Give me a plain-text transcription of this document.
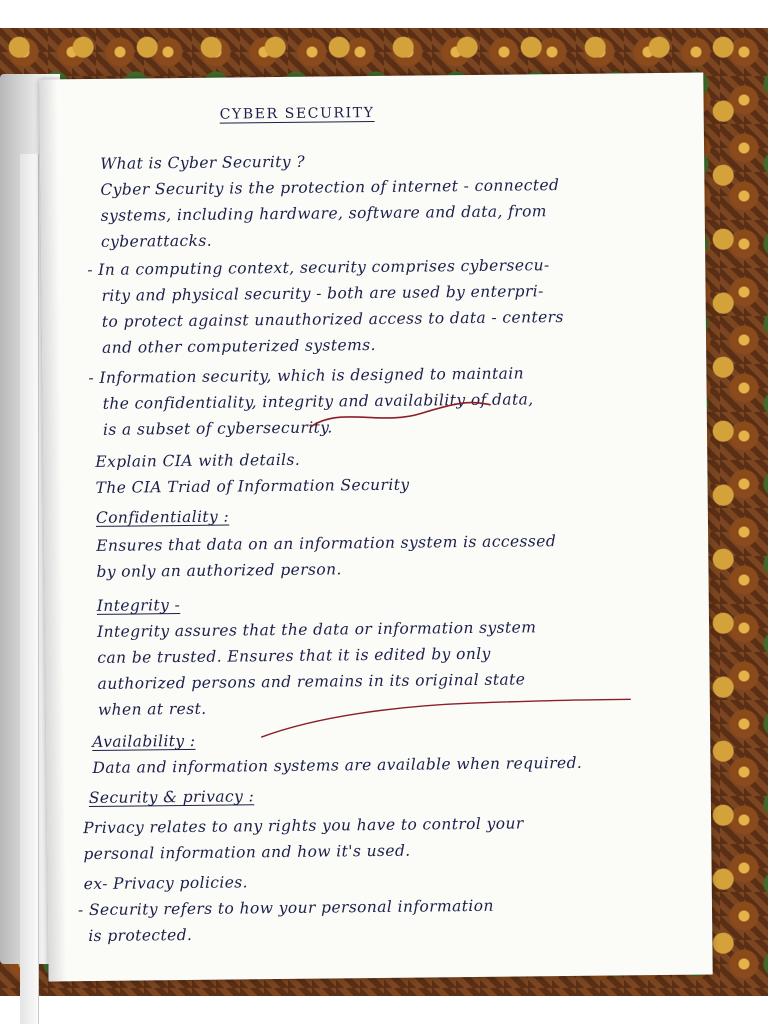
CYBER SECURITY
What is Cyber Security ?
Cyber Security is the protection of internet - connected
systems, including hardware, software and data, from
cyberattacks.
- In a computing context, security comprises cybersecu-
rity and physical security - both are used by enterpri-
to protect against unauthorized access to data - centers
and other computerized systems.
- Information security, which is designed to maintain
the confidentiality, integrity and availability of data,
is a subset of cybersecurity.
Explain CIA with details.
The CIA Triad of Information Security
Confidentiality :
Ensures that data on an information system is accessed
by only an authorized person.
Integrity -
Integrity assures that the data or information system
can be trusted. Ensures that it is edited by only
authorized persons and remains in its original state
when at rest.
Availability :
Data and information systems are available when required.
Security & privacy :
Privacy relates to any rights you have to control your
personal information and how it's used.
ex- Privacy policies.
- Security refers to how your personal information
is protected.
